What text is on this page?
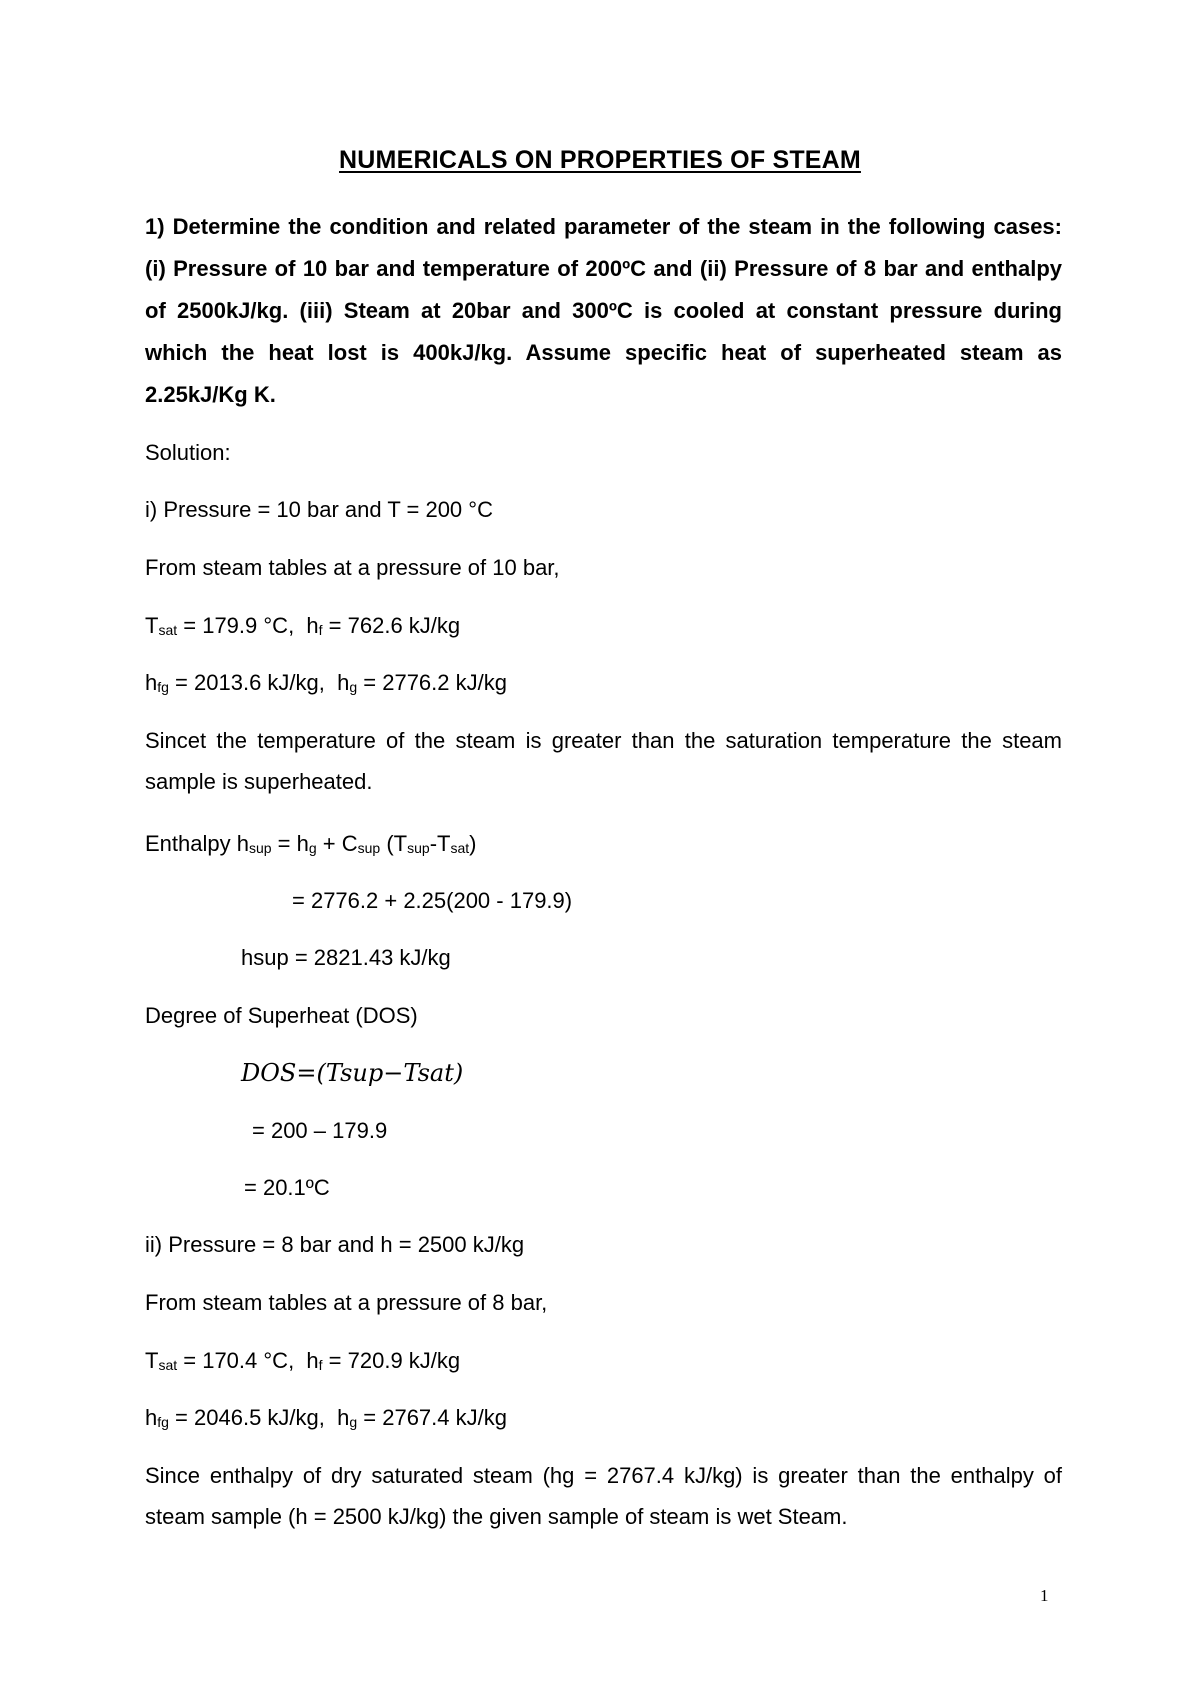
NUMERICALS ON PROPERTIES OF STEAM
1) Determine the condition and related parameter of the steam in the following cases: (i) Pressure of 10 bar and temperature of 200ºC and (ii) Pressure of 8 bar and enthalpy of 2500kJ/kg. (iii) Steam at 20bar and 300ºC is cooled at constant pressure during which the heat lost is 400kJ/kg. Assume specific heat of superheated steam as 2.25kJ/Kg K.
Solution:
i) Pressure = 10 bar and T = 200 °C
From steam tables at a pressure of 10 bar,
Tsat = 179.9 °C,  hf = 762.6 kJ/kg
hfg = 2013.6 kJ/kg,  hg = 2776.2 kJ/kg
Sincet the temperature of the steam is greater than the saturation temperature the steam sample is superheated.
Enthalpy hsup = hg + Csup (Tsup-Tsat)
= 2776.2 + 2.25(200 - 179.9)
hsup = 2821.43 kJ/kg
Degree of Superheat (DOS)
DOS=(Tsup−Tsat)
= 200 – 179.9
= 20.1ºC
ii) Pressure = 8 bar and h = 2500 kJ/kg
From steam tables at a pressure of 8 bar,
Tsat = 170.4 °C,  hf = 720.9 kJ/kg
hfg = 2046.5 kJ/kg,  hg = 2767.4 kJ/kg
Since enthalpy of dry saturated steam (hg = 2767.4 kJ/kg) is greater than the enthalpy of steam sample (h = 2500 kJ/kg) the given sample of steam is wet Steam.
1
